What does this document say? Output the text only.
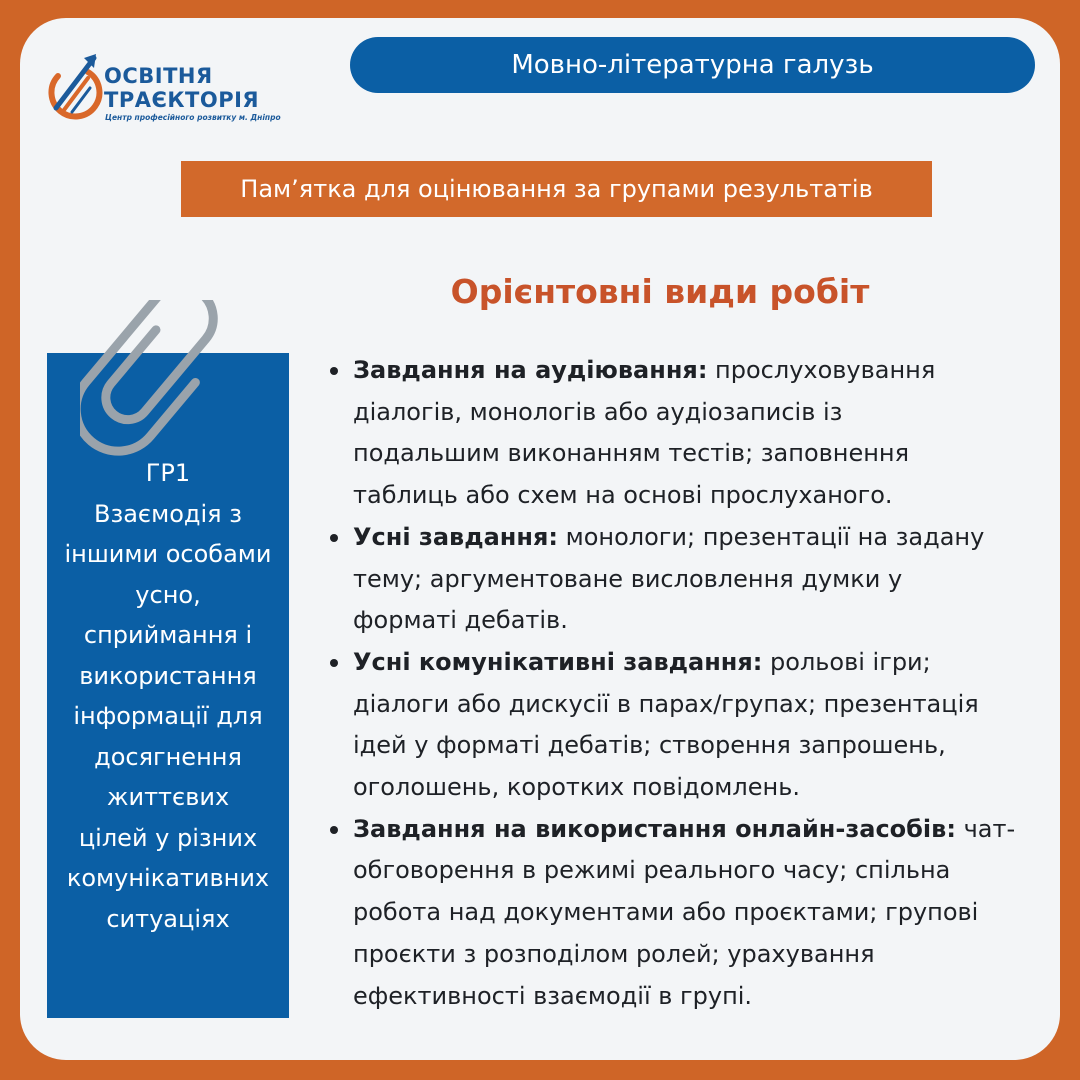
ОСВІТНЯ
ТРАЄКТОРІЯ
Центр професійного розвитку м. Дніпро
Мовно-літературна галузь
Пам’ятка для оцінювання за групами результатів
Орієнтовні види робіт
ГР1
Взаємодія з
іншими особами
усно,
сприймання і
використання
інформації для
досягнення
життєвих
цілей у різних
комунікативних
ситуаціях
Завдання на аудіювання: прослуховування
діалогів, монологів або аудіозаписів із
подальшим виконанням тестів; заповнення
таблиць або схем на основі прослуханого.
Усні завдання: монологи; презентації на задану
тему; аргументоване висловлення думки у
форматі дебатів.
Усні комунікативні завдання: рольові ігри;
діалоги або дискусії в парах/групах; презентація
ідей у форматі дебатів; створення запрошень,
оголошень, коротких повідомлень.
Завдання на використання онлайн-засобів: чат-
обговорення в режимі реального часу; спільна
робота над документами або проєктами; групові
проєкти з розподілом ролей; урахування
ефективності взаємодії в групі.
